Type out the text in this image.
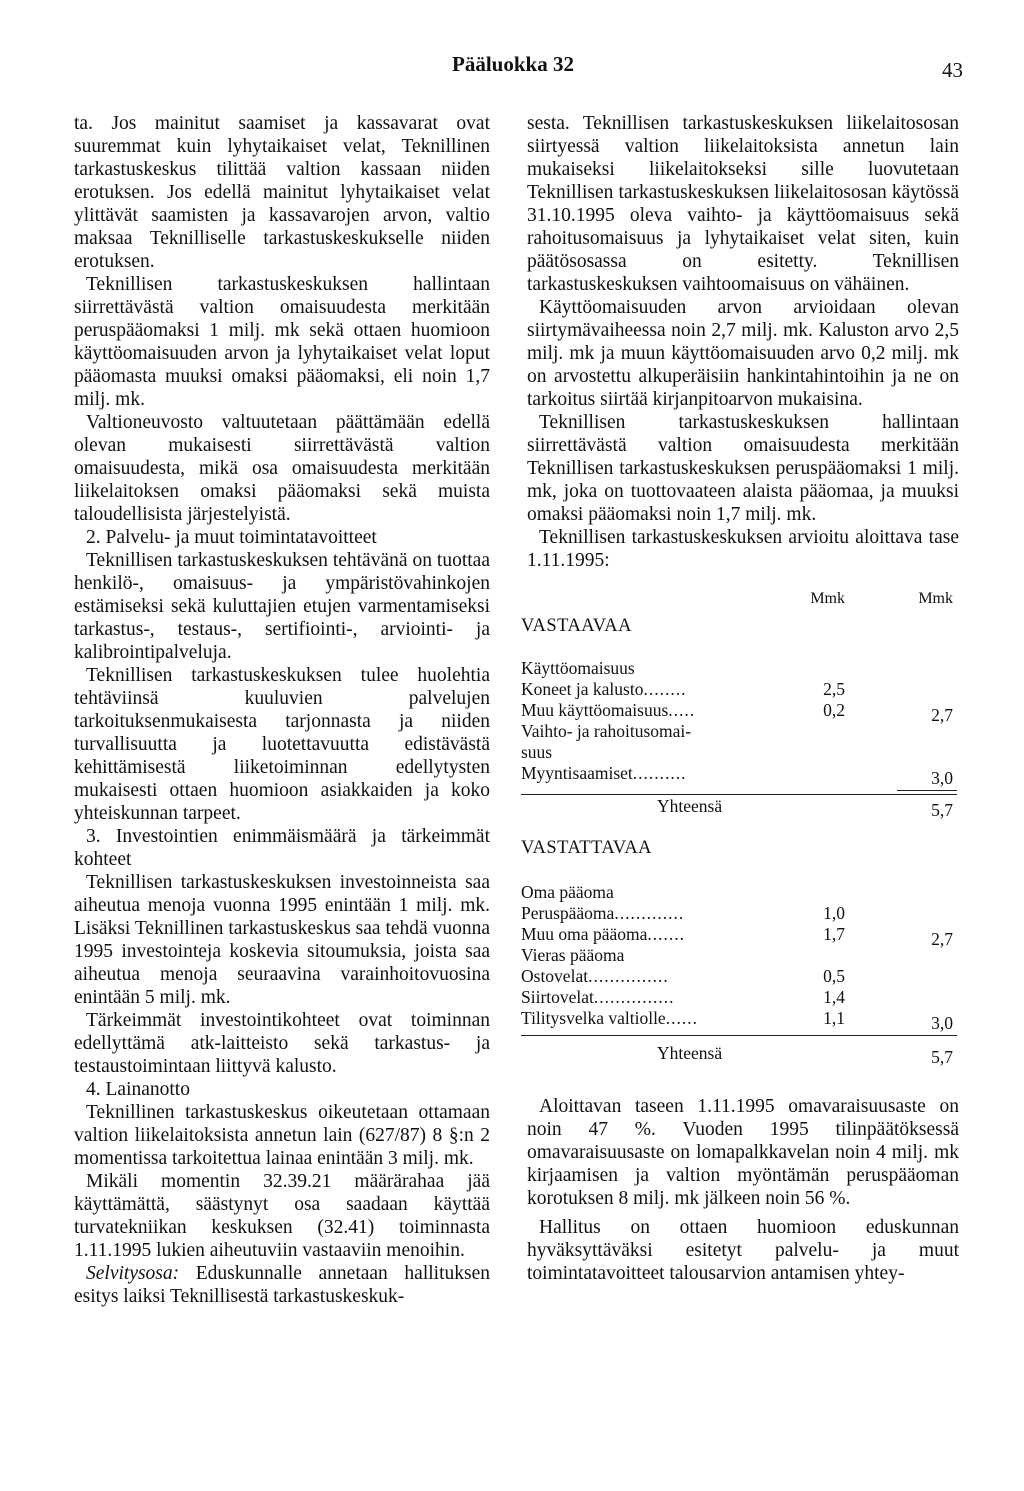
Pääluokka 32	43

ta. Jos mainitut saamiset ja kassavarat ovat suuremmat kuin lyhytaikaiset velat, Teknillinen tarkastuskeskus tilittää valtion kassaan niiden erotuksen. Jos edellä mainitut lyhytaikaiset velat ylittävät saamisten ja kassavarojen arvon, valtio maksaa Teknilliselle tarkastuskeskukselle niiden erotuksen.

Teknillisen tarkastuskeskuksen hallintaan siirrettävästä valtion omaisuudesta merkitään peruspääomaksi 1 milj. mk sekä ottaen huomioon käyttöomaisuuden arvon ja lyhytaikaiset velat loput pääomasta muuksi omaksi pääomaksi, eli noin 1,7 milj. mk.

Valtioneuvosto valtuutetaan päättämään edellä olevan mukaisesti siirrettävästä valtion omaisuudesta, mikä osa omaisuudesta merkitään liikelaitoksen omaksi pääomaksi sekä muista taloudellisista järjestelyistä.

2. Palvelu- ja muut toimintatavoitteet

Teknillisen tarkastuskeskuksen tehtävänä on tuottaa henkilö-, omaisuus- ja ympäristövahinkojen estämiseksi sekä kuluttajien etujen varmentamiseksi tarkastus-, testaus-, sertifiointi-, arviointi- ja kalibrointipalveluja.

Teknillisen tarkastuskeskuksen tulee huolehtia tehtäviinsä kuuluvien palvelujen tarkoituksenmukaisesta tarjonnasta ja niiden turvallisuutta ja luotettavuutta edistävästä kehittämisestä liiketoiminnan edellytysten mukaisesti ottaen huomioon asiakkaiden ja koko yhteiskunnan tarpeet.

3. Investointien enimmäismäärä ja tärkeimmät kohteet

Teknillisen tarkastuskeskuksen investoinneista saa aiheutua menoja vuonna 1995 enintään 1 milj. mk. Lisäksi Teknillinen tarkastuskeskus saa tehdä vuonna 1995 investointeja koskevia sitoumuksia, joista saa aiheutua menoja seuraavina varainhoitovuosina enintään 5 milj. mk.

Tärkeimmät investointikohteet ovat toiminnan edellyttämä atk-laitteisto sekä tarkastus- ja testaustoimintaan liittyvä kalusto.

4. Lainanotto

Teknillinen tarkastuskeskus oikeutetaan ottamaan valtion liikelaitoksista annetun lain (627/87) 8 §:n 2 momentissa tarkoitettua lainaa enintään 3 milj. mk.

Mikäli momentin 32.39.21 määrärahaa jää käyttämättä, säästynyt osa saadaan käyttää turvatekniikan keskuksen (32.41) toiminnasta 1.11.1995 lukien aiheutuviin vastaaviin menoihin.

Selvitysosa: Eduskunnalle annetaan hallituksen esitys laiksi Teknillisestä tarkastuskeskuk-

sesta. Teknillisen tarkastuskeskuksen liikelaitososan siirtyessä valtion liikelaitoksista annetun lain mukaiseksi liikelaitokseksi sille luovutetaan Teknillisen tarkastuskeskuksen liikelaitososan käytössä 31.10.1995 oleva vaihto- ja käyttöomaisuus sekä rahoitusomaisuus ja lyhytaikaiset velat siten, kuin päätösosassa on esitetty. Teknillisen tarkastuskeskuksen vaihtoomaisuus on vähäinen.

Käyttöomaisuuden arvon arvioidaan olevan siirtymävaiheessa noin 2,7 milj. mk. Kaluston arvo 2,5 milj. mk ja muun käyttöomaisuuden arvo 0,2 milj. mk on arvostettu alkuperäisiin hankintahintoihin ja ne on tarkoitus siirtää kirjanpitoarvon mukaisina.

Teknillisen tarkastuskeskuksen hallintaan siirrettävästä valtion omaisuudesta merkitään Teknillisen tarkastuskeskuksen peruspääomaksi 1 milj. mk, joka on tuottovaateen alaista pääomaa, ja muuksi omaksi pääomaksi noin 1,7 milj. mk.

Teknillisen tarkastuskeskuksen arvioitu aloittava tase 1.11.1995:

Mmk	Mmk
VASTAAVAA
Käyttöomaisuus
Koneet ja kalusto........	2,5
Muu käyttöomaisuus.....	0,2	2,7
Vaihto- ja rahoitusomai-
suus
Myyntisaamiset..........	3,0
Yhteensä	5,7
VASTATTAVAA
Oma pääoma
Peruspääoma.............	1,0
Muu oma pääoma.......	1,7	2,7
Vieras pääoma
Ostovelat...............	0,5
Siirtovelat...............	1,4
Tilitysvelka valtiolle......	1,1	3,0
Yhteensä	5,7

Aloittavan taseen 1.11.1995 omavaraisuusaste on noin 47 %. Vuoden 1995 tilinpäätöksessä omavaraisuusaste on lomapalkkavelan noin 4 milj. mk kirjaamisen ja valtion myöntämän peruspääoman korotuksen 8 milj. mk jälkeen noin 56 %.

Hallitus on ottaen huomioon eduskunnan hyväksyttäväksi esitetyt palvelu- ja muut toimintatavoitteet talousarvion antamisen yhtey-
